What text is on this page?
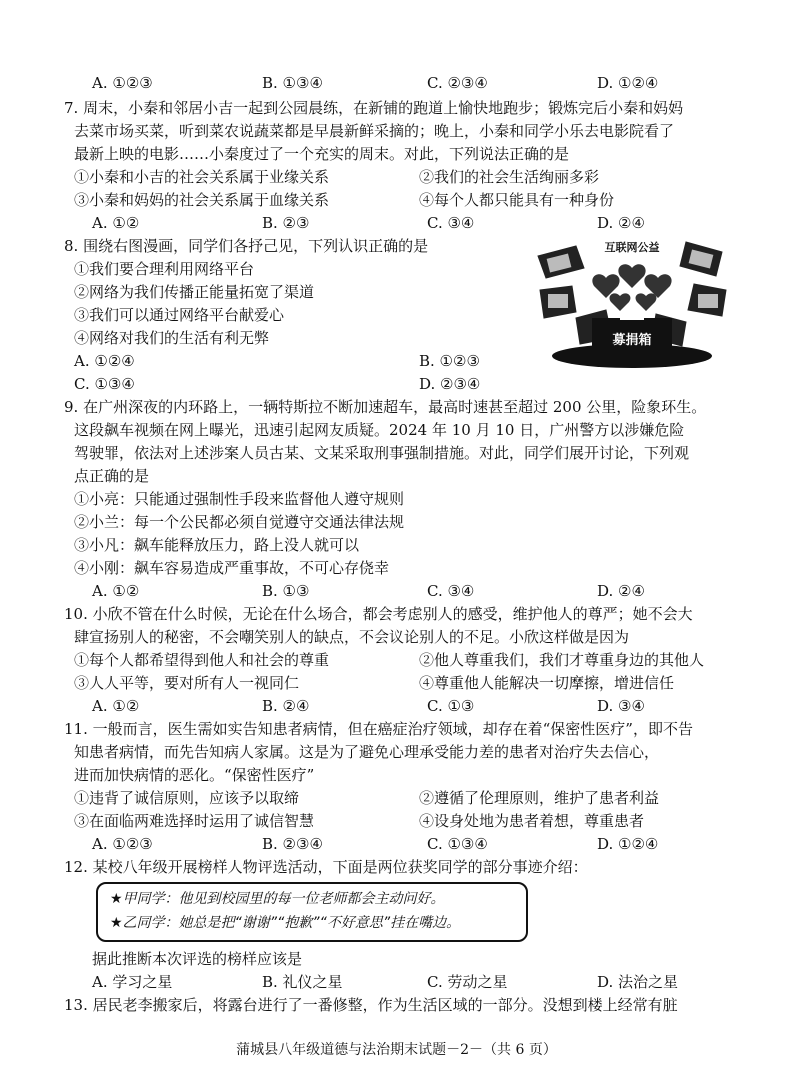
A. ①②③	B. ①③④	C. ②③④	D. ①②④
7. 周末，小秦和邻居小吉一起到公园晨练，在新铺的跑道上愉快地跑步；锻炼完后小秦和妈妈
去菜市场买菜，听到菜农说蔬菜都是早晨新鲜采摘的；晚上，小秦和同学小乐去电影院看了
最新上映的电影……小秦度过了一个充实的周末。对此，下列说法正确的是
①小秦和小吉的社会关系属于业缘关系	②我们的社会生活绚丽多彩
③小秦和妈妈的社会关系属于血缘关系	④每个人都只能具有一种身份
A. ①②	B. ②③	C. ③④	D. ②④
8. 围绕右图漫画，同学们各抒己见，下列认识正确的是
①我们要合理利用网络平台
②网络为我们传播正能量拓宽了渠道
③我们可以通过网络平台献爱心
④网络对我们的生活有利无弊
A. ①②④	B. ①②③
C. ①③④	D. ②③④
互联网公益
募捐箱
9. 在广州深夜的内环路上，一辆特斯拉不断加速超车，最高时速甚至超过 200 公里，险象环生。
这段飙车视频在网上曝光，迅速引起网友质疑。2024 年 10 月 10 日，广州警方以涉嫌危险
驾驶罪，依法对上述涉案人员古某、文某采取刑事强制措施。对此，同学们展开讨论，下列观
点正确的是
①小亮：只能通过强制性手段来监督他人遵守规则
②小兰：每一个公民都必须自觉遵守交通法律法规
③小凡：飙车能释放压力，路上没人就可以
④小刚：飙车容易造成严重事故，不可心存侥幸
A. ①②	B. ①③	C. ③④	D. ②④
10. 小欣不管在什么时候，无论在什么场合，都会考虑别人的感受，维护他人的尊严；她不会大
肆宣扬别人的秘密，不会嘲笑别人的缺点，不会议论别人的不足。小欣这样做是因为
①每个人都希望得到他人和社会的尊重	②他人尊重我们，我们才尊重身边的其他人
③人人平等，要对所有人一视同仁	④尊重他人能解决一切摩擦，增进信任
A. ①②	B. ②④	C. ①③	D. ③④
11. 一般而言，医生需如实告知患者病情，但在癌症治疗领域，却存在着“保密性医疗”，即不告
知患者病情，而先告知病人家属。这是为了避免心理承受能力差的患者对治疗失去信心，
进而加快病情的恶化。“保密性医疗”
①违背了诚信原则，应该予以取缔	②遵循了伦理原则，维护了患者利益
③在面临两难选择时运用了诚信智慧	④设身处地为患者着想，尊重患者
A. ①②③	B. ②③④	C. ①③④	D. ①②④
12. 某校八年级开展榜样人物评选活动，下面是两位获奖同学的部分事迹介绍：
★甲同学：他见到校园里的每一位老师都会主动问好。
★乙同学：她总是把“谢谢”“抱歉”“不好意思”挂在嘴边。
据此推断本次评选的榜样应该是
A. 学习之星	B. 礼仪之星	C. 劳动之星	D. 法治之星
13. 居民老李搬家后，将露台进行了一番修整，作为生活区域的一部分。没想到楼上经常有脏
蒲城县八年级道德与法治期末试题－2－（共 6 页）
